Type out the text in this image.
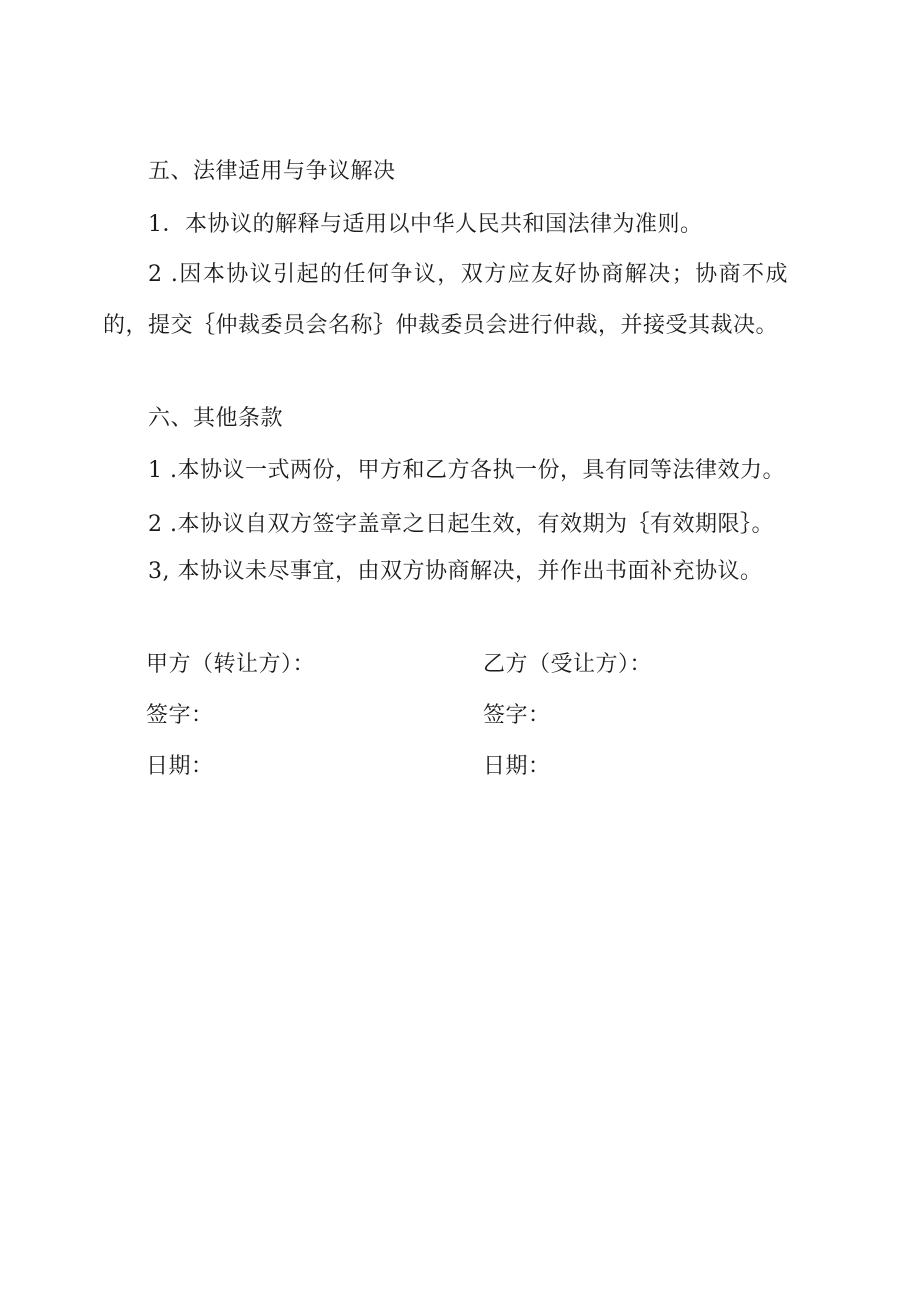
五、法律适用与争议解决
1．本协议的解释与适用以中华人民共和国法律为准则。
2 .因本协议引起的任何争议，双方应友好协商解决；协商不成
的，提交｛仲裁委员会名称｝仲裁委员会进行仲裁，并接受其裁决。
六、其他条款
1 .本协议一式两份，甲方和乙方各执一份，具有同等法律效力。
2 .本协议自双方签字盖章之日起生效，有效期为｛有效期限｝。
3, 本协议未尽事宜，由双方协商解决，并作出书面补充协议。
甲方（转让方）：	乙方（受让方）：
签字：	签字：
日期：	日期：
